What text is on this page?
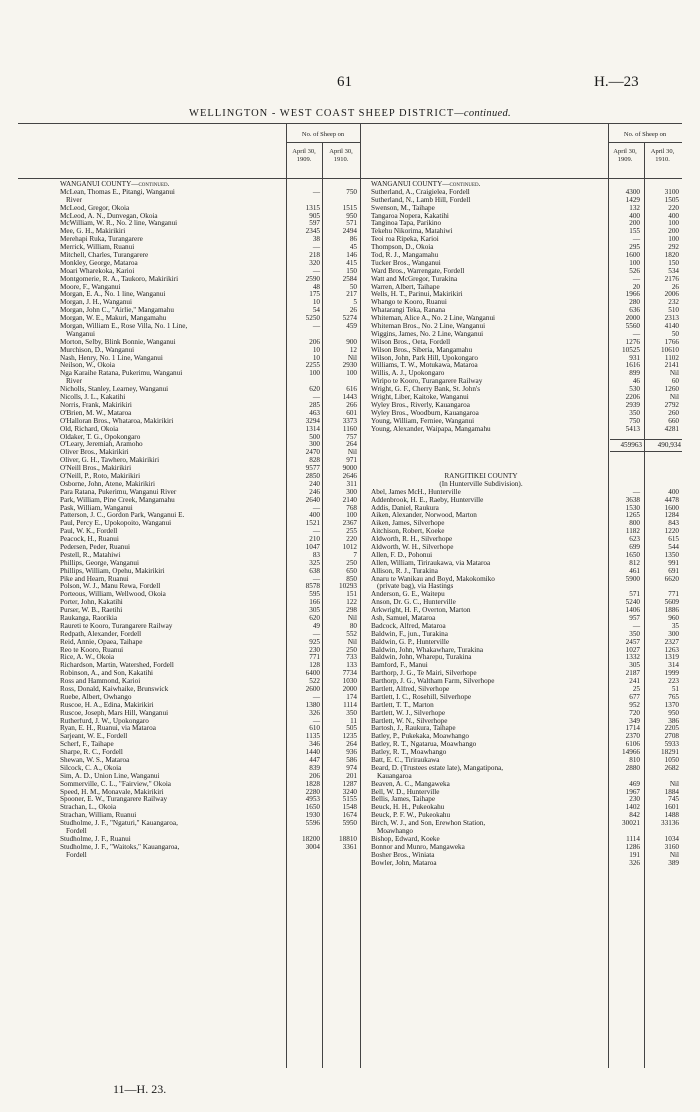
61	H.—23
WELLINGTON - WEST COAST SHEEP DISTRICT—continued.
No. of Sheep on
April 30, 1909.
April 30, 1910.
No. of Sheep on
April 30, 1909.
April 30, 1910.
WANGANUI COUNTY—continued.
McLean, Thomas E., Pitangi, Wanganui	—	750
River
McLeod, Gregor, Okoia	1315	1515
McLeod, A. N., Dunvegan, Okoia	905	950
McWilliam, W. R., No. 2 line, Wanganui	597	571
Mee, G. H., Makirikiri	2345	2494
Merehapi Ruka, Turangarere	38	86
Merrick, William, Ruanui	—	45
Mitchell, Charles, Turangarere	218	146
Monkley, George, Mataroa	320	415
Moari Wharekoka, Karioi	—	150
Montgomerie, R. A., Taukoro, Makirikiri	2590	2584
Moore, F., Wanganui	48	50
Morgan, E. A., No. 1 line, Wanganui	175	217
Morgan, J. H., Wanganui	10	5
Morgan, John C., "Airlie," Mangamahu	54	26
Morgan, W. E., Makuri, Mangamahu	5250	5274
Morgan, William E., Rose Villa, No. 1 Line,	—	459
Wanganui
Morton, Selby, Blink Bonnie, Wanganui	206	900
Murchison, D., Wanganui	10	12
Nash, Henry, No. 1 Line, Wanganui	10	Nil
Neilson, W., Okoia	2255	2930
Nga Karaihe Ratana, Pukerimu, Wanganui	100	100
River
Nicholls, Stanley, Learney, Wanganui	620	616
Nicolls, J. L., Kakatihi	—	1443
Norris, Frank, Makirikiri	285	266
O'Brien, M. W., Mataroa	463	601
O'Halloran Bros., Whataroa, Makirikiri	3294	3373
Old, Richard, Okoia	1314	1160
Oldaker, T. G., Opokongaro	500	757
O'Leary, Jeremiah, Aramoho	300	264
Oliver Bros., Makirikiri	2470	Nil
Oliver, G. H., Tawhero, Makirikiri	828	971
O'Neill Bros., Makirikiri	9577	9000
O'Neill, P., Roto, Makirikiri	2850	2646
Osborne, John, Atene, Makirikiri	240	311
Para Ratana, Pukerimu, Wanganui River	246	300
Park, William, Pine Creek, Mangamahu	2640	2140
Pask, William, Wanganui	—	768
Patterson, J. C., Gordon Park, Wanganui E.	400	100
Paul, Percy E., Upokopoito, Wanganui	1521	2367
Paul, W. K., Fordell	—	255
Peacock, H., Ruanui	210	220
Pedersen, Peder, Ruanui	1047	1012
Pestell, R., Matahiwi	83	7
Phillips, George, Wanganui	325	250
Phillips, William, Opehu, Makirikiri	638	650
Pike and Hearn, Ruanui	—	850
Polson, W. J., Manu Rewa, Fordell	8578	10293
Porteous, William, Wellwood, Okoia	595	151
Porter, John, Kakatihi	166	122
Purser, W. B., Raetihi	305	298
Raukanga, Raorikia	620	Nil
Raureti te Kooro, Turangarere Railway	49	80
Redpath, Alexander, Fordell	—	552
Reid, Annie, Opaea, Taihape	925	Nil
Reo te Kooro, Ruanui	230	250
Rice, A. W., Okoia	771	733
Richardson, Martin, Watershed, Fordell	128	133
Robinson, A., and Son, Kakatihi	6400	7734
Ross and Hammond, Karioi	522	1030
Ross, Donald, Kaiwhaike, Brunswick	2600	2000
Ruebe, Albert, Owhango	—	174
Ruscoe, H. A., Edina, Makirikiri	1380	1114
Ruscoe, Joseph, Mars Hill, Wanganui	326	350
Rutherfurd, J. W., Upokongaro	—	11
Ryan, E. H., Ruanui, via Mataroa	610	505
Sarjeant, W. E., Fordell	1135	1235
Scherf, F., Taihape	346	264
Sharpe, R. C., Fordell	1440	936
Shewan, W. S., Mataroa	447	586
Silcock, C. A., Okoia	839	974
Sim, A. D., Union Line, Wanganui	206	201
Sommerville, C. L., "Fairview," Okoia	1828	1287
Speed, H. M., Monavale, Makirikiri	2280	3240
Spooner, E. W., Turangarere Railway	4953	5155
Strachan, L., Okoia	1650	1548
Strachan, William, Ruanui	1930	1674
Studholme, J. F., "Ngaturi," Kauangaroa,	5596	5950
Fordell
Studholme, J. F., Ruanui	18200	18810
Studholme, J. F., "Waitoks," Kauangaroa,	3004	3361
Fordell
WANGANUI COUNTY—continued.
Sutherland, A., Craigielea, Fordell	4300	3100
Sutherland, N., Lamb Hill, Fordell	1429	1505
Swenson, M., Taihape	132	220
Tangaroa Nopera, Kakatihi	400	400
Tanginoa Tapa, Parikino	200	100
Tekehu Nikorima, Matahiwi	155	200
Teoi roa Ripeka, Karioi	—	100
Thompson, D., Okoia	295	292
Tod, R. J., Mangamahu	1600	1820
Tucker Bros., Wanganui	100	150
Ward Bros., Warrengate, Fordell	526	534
Watt and McGregor, Turakina	—	2176
Warren, Albert, Taihape	20	26
Wells, H. T., Parinui, Makirikiri	1966	2006
Whango te Kooro, Ruanui	280	232
Whatarangi Teka, Ranana	636	510
Whiteman, Alice A., No. 2 Line, Wanganui	2000	2313
Whiteman Bros., No. 2 Line, Wanganui	5560	4140
Wiggins, James, No. 2 Line, Wanganui	—	50
Wilson Bros., Oeta, Fordell	1276	1766
Wilson Bros., Siberia, Mangamahu	10525	10610
Wilson, John, Park Hill, Upokongaro	931	1102
Williams, T. W., Motukawa, Mataroa	1616	2141
Willis, A. J., Upokongaro	899	Nil
Wiripo te Kooro, Turangarere Railway	46	60
Wright, G. F., Cherry Bank, St. John's	530	1260
Wright, Liber, Kaitoke, Wanganui	2206	Nil
Wyley Bros., Riverly, Kauangaroa	2939	2792
Wyley Bros., Woodburn, Kauangaroa	350	260
Young, William, Ferniee, Wanganui	750	660
Young, Alexander, Waipapa, Mangamahu	5413	4281
RANGITIKEI COUNTY
(In Hunterville Subdivision).
Abel, James McH., Hunterville	—	400
Addenbrook, H. E., Raeby, Hunterville	3638	4478
Addis, Daniel, Raukura	1530	1600
Aiken, Alexander, Norwood, Marton	1265	1284
Aiken, James, Silverhope	800	843
Aitchison, Robert, Koeke	1182	1220
Aldworth, R. H., Silverhope	623	615
Aldworth, W. H., Silverhope	699	544
Allen, F. D., Pohonui	1650	1350
Allen, William, Tiriraukawa, via Mataroa	812	991
Allison, R. J., Turakina	461	691
Anaru te Wanikau and Boyd, Makokomiko	5900	6620
(private bag), via Hastings
Anderson, G. E., Waitepu	571	771
Anson, Dr. G. C., Hunterville	5240	5609
Arkwright, H. F., Overton, Marton	1406	1886
Ash, Samuel, Mataroa	957	960
Badcock, Alfred, Mataroa	—	35
Baldwin, F., jun., Turakina	350	300
Baldwin, G. P., Hunterville	2457	2327
Baldwin, John, Whakawhare, Turakina	1027	1263
Baldwin, John, Wharepu, Turakina	1332	1319
Bamford, F., Manui	305	314
Barthorp, J. G., Te Mairi, Silverhope	2187	1999
Barthorp, J. G., Waltham Farm, Silverhope	241	223
Bartlett, Alfred, Silverhope	25	51
Bartlett, I. C., Rosehill, Silverhope	677	765
Bartlett, T. T., Marton	952	1370
Bartlett, W. J., Silverhope	720	950
Bartlett, W. N., Silverhope	349	386
Bartosh, J., Raukura, Taihape	1714	2205
Batley, P., Pukekaka, Moawhango	2370	2708
Batley, R. T., Ngatarua, Moawhango	6106	5933
Batley, R. T., Moawhango	14966	18291
Batt, E. C., Tiriraukawa	810	1050
Beard, D. (Trustees estate late), Mangatipona,	2880	2682
Kauangaroa
Beaven, A. C., Mangaweka	469	Nil
Bell, W. D., Hunterville	1967	1884
Bellis, James, Taihape	230	745
Beuck, H. H., Pukeokahu	1402	1601
Beuck, P. F. W., Pukeokahu	842	1488
Birch, W. J., and Son, Erewhon Station,	30021	33136
Moawhango
Bishop, Edward, Koeke	1114	1034
Bonnor and Munro, Mangaweka	1286	3160
Bosher Bros., Winiata	191	Nil
Bowler, John, Mataroa	326	389
459963 490,934
11—H. 23.
